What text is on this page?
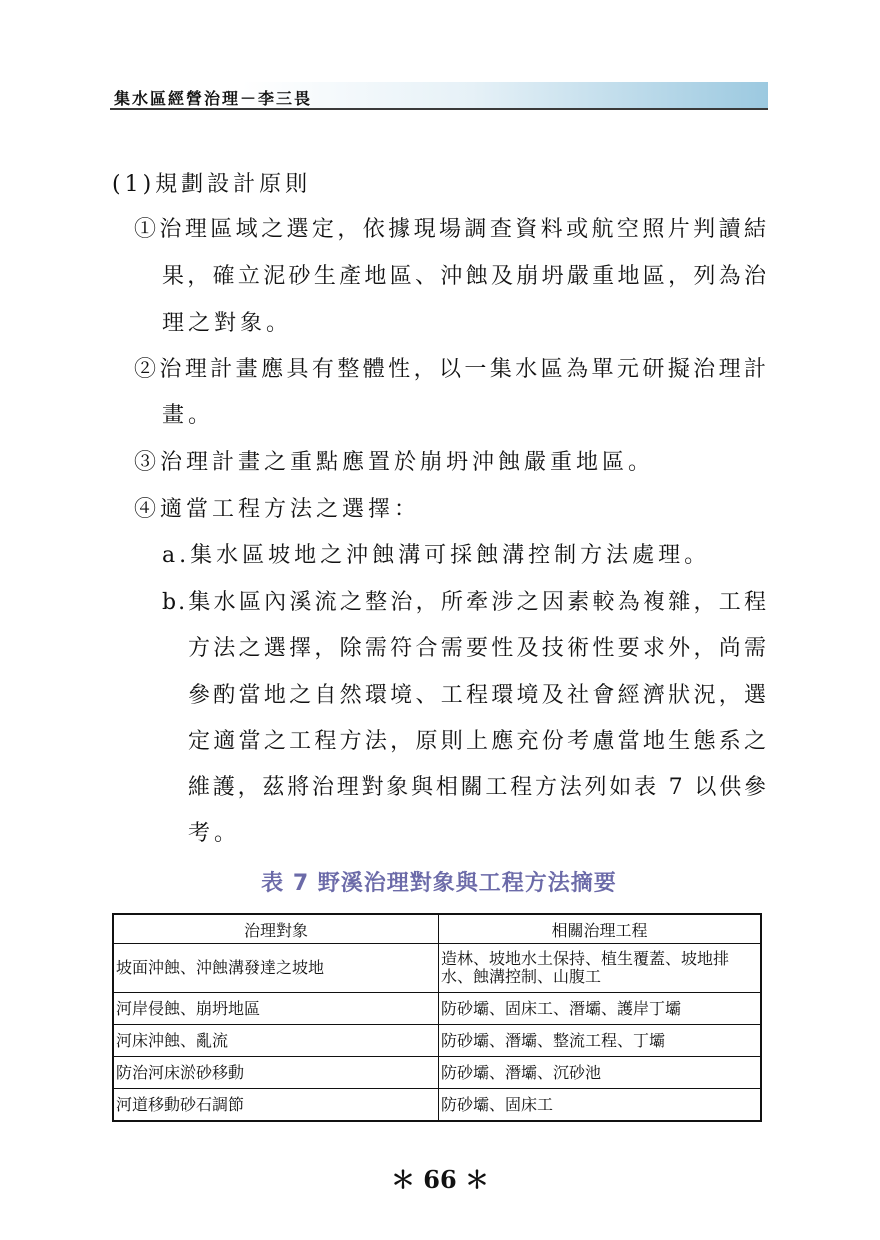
集水區經營治理－李三畏
(1)規劃設計原則
①治理區域之選定，依據現場調查資料或航空照片判讀結
果，確立泥砂生產地區、沖蝕及崩坍嚴重地區，列為治
理之對象。
②治理計畫應具有整體性，以一集水區為單元研擬治理計
畫。
③治理計畫之重點應置於崩坍沖蝕嚴重地區。
④適當工程方法之選擇：
a.集水區坡地之沖蝕溝可採蝕溝控制方法處理。
b.集水區內溪流之整治，所牽涉之因素較為複雜，工程
方法之選擇，除需符合需要性及技術性要求外，尚需
參酌當地之自然環境、工程環境及社會經濟狀況，選
定適當之工程方法，原則上應充份考慮當地生態系之
維護，茲將治理對象與相關工程方法列如表 7 以供參
考。
表 7 野溪治理對象與工程方法摘要
治理對象	相關治理工程
坡面沖蝕、沖蝕溝發達之坡地	造林、坡地水土保持、植生覆蓋、坡地排水、蝕溝控制、山腹工
河岸侵蝕、崩坍地區	防砂壩、固床工、潛壩、護岸丁壩
河床沖蝕、亂流	防砂壩、潛壩、整流工程、丁壩
防治河床淤砂移動	防砂壩、潛壩、沉砂池
河道移動砂石調節	防砂壩、固床工
＊ 66 ＊
